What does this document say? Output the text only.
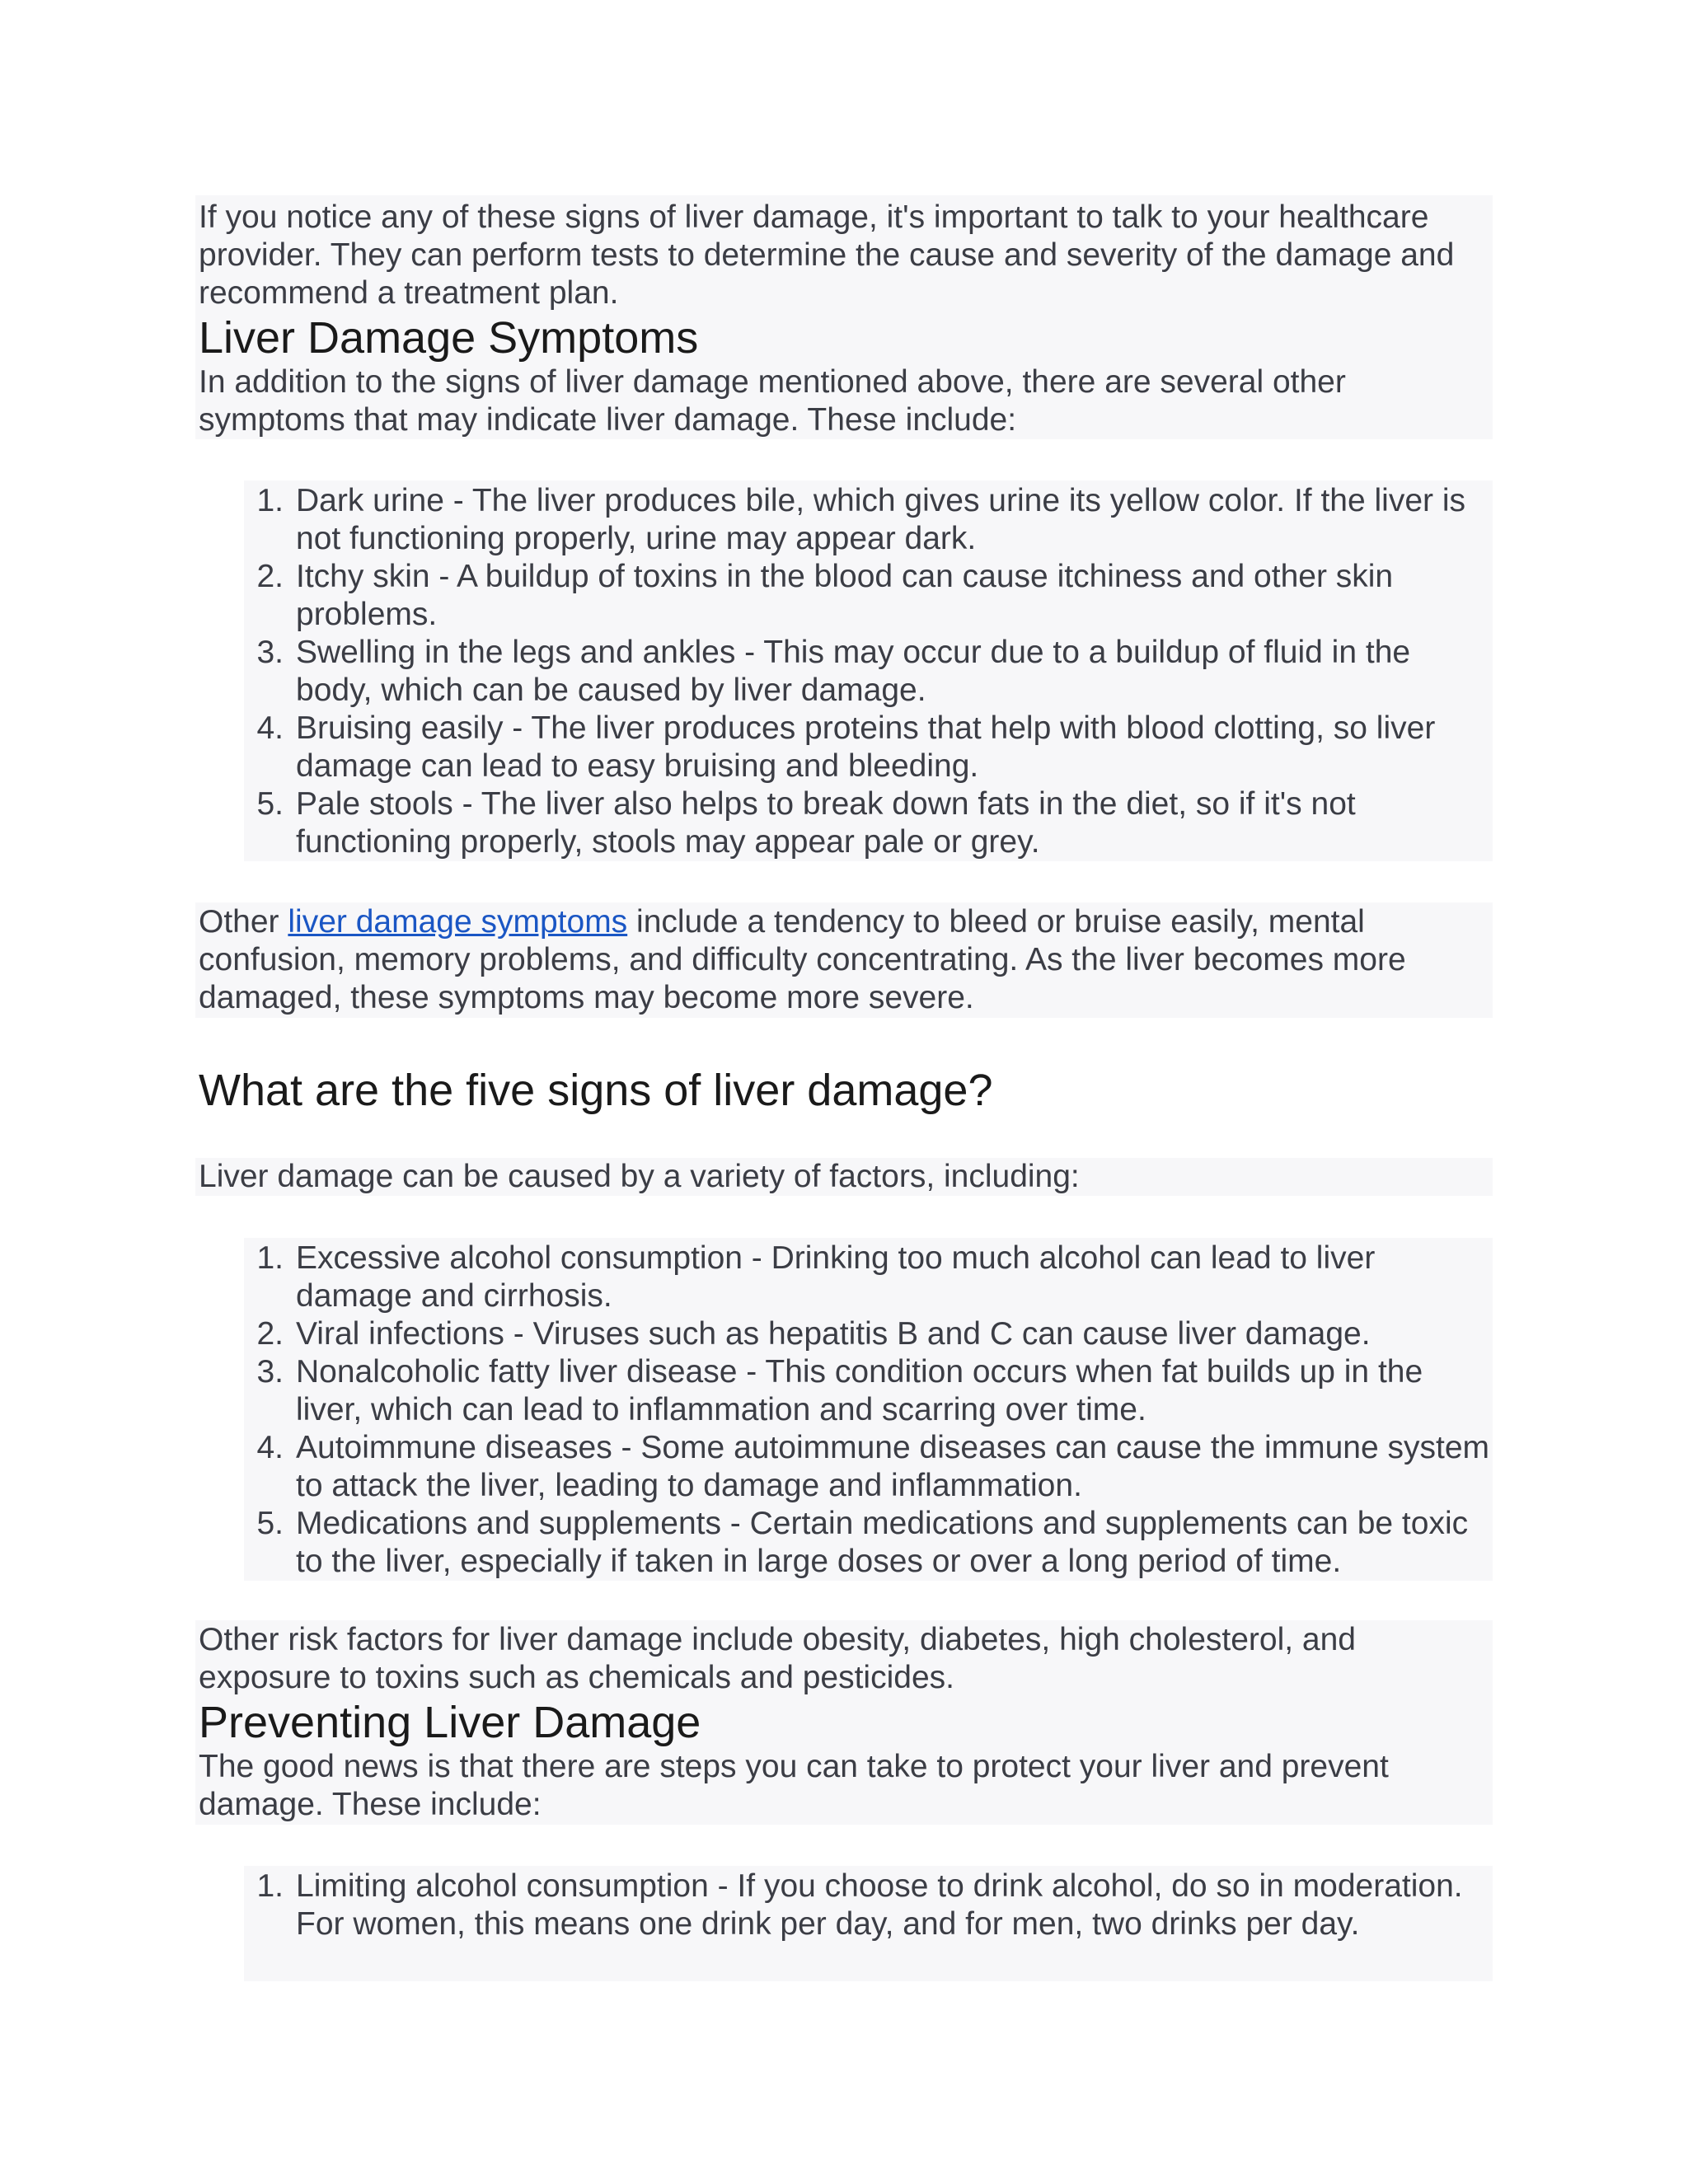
If you notice any of these signs of liver damage, it's important to talk to your healthcare provider. They can perform tests to determine the cause and severity of the damage and recommend a treatment plan.

Liver Damage Symptoms

In addition to the signs of liver damage mentioned above, there are several other symptoms that may indicate liver damage. These include:

1. Dark urine - The liver produces bile, which gives urine its yellow color. If the liver is not functioning properly, urine may appear dark.
2. Itchy skin - A buildup of toxins in the blood can cause itchiness and other skin problems.
3. Swelling in the legs and ankles - This may occur due to a buildup of fluid in the body, which can be caused by liver damage.
4. Bruising easily - The liver produces proteins that help with blood clotting, so liver damage can lead to easy bruising and bleeding.
5. Pale stools - The liver also helps to break down fats in the diet, so if it's not functioning properly, stools may appear pale or grey.

Other liver damage symptoms include a tendency to bleed or bruise easily, mental confusion, memory problems, and difficulty concentrating. As the liver becomes more damaged, these symptoms may become more severe.

What are the five signs of liver damage?

Liver damage can be caused by a variety of factors, including:

1. Excessive alcohol consumption - Drinking too much alcohol can lead to liver damage and cirrhosis.
2. Viral infections - Viruses such as hepatitis B and C can cause liver damage.
3. Nonalcoholic fatty liver disease - This condition occurs when fat builds up in the liver, which can lead to inflammation and scarring over time.
4. Autoimmune diseases - Some autoimmune diseases can cause the immune system to attack the liver, leading to damage and inflammation.
5. Medications and supplements - Certain medications and supplements can be toxic to the liver, especially if taken in large doses or over a long period of time.

Other risk factors for liver damage include obesity, diabetes, high cholesterol, and exposure to toxins such as chemicals and pesticides.

Preventing Liver Damage

The good news is that there are steps you can take to protect your liver and prevent damage. These include:

1. Limiting alcohol consumption - If you choose to drink alcohol, do so in moderation. For women, this means one drink per day, and for men, two drinks per day.
